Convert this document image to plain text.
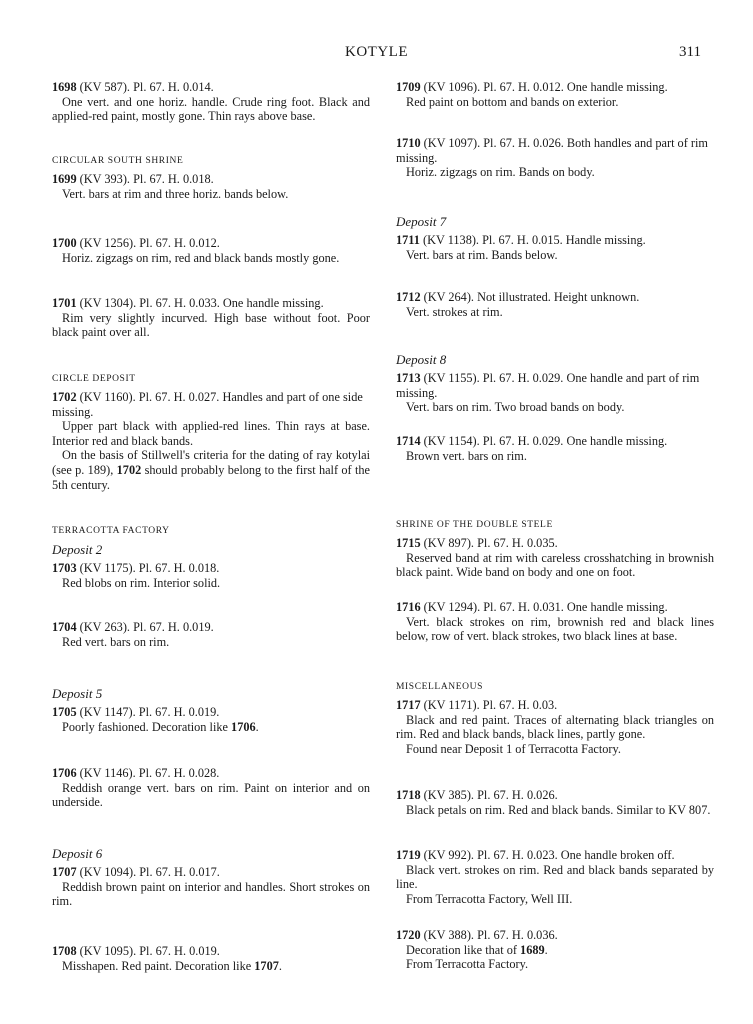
KOTYLE	311
1698 (KV 587). Pl. 67. H. 0.014.
One vert. and one horiz. handle. Crude ring foot. Black and applied-red paint, mostly gone. Thin rays above base.
CIRCULAR SOUTH SHRINE
1699 (KV 393). Pl. 67. H. 0.018.
Vert. bars at rim and three horiz. bands below.
1700 (KV 1256). Pl. 67. H. 0.012.
Horiz. zigzags on rim, red and black bands mostly gone.
1701 (KV 1304). Pl. 67. H. 0.033. One handle missing.
Rim very slightly incurved. High base without foot. Poor black paint over all.
CIRCLE DEPOSIT
1702 (KV 1160). Pl. 67. H. 0.027. Handles and part of one side missing.
Upper part black with applied-red lines. Thin rays at base. Interior red and black bands.
On the basis of Stillwell's criteria for the dating of ray kotylai (see p. 189), 1702 should probably belong to the first half of the 5th century.
TERRACOTTA FACTORY
Deposit 2
1703 (KV 1175). Pl. 67. H. 0.018.
Red blobs on rim. Interior solid.
1704 (KV 263). Pl. 67. H. 0.019.
Red vert. bars on rim.
Deposit 5
1705 (KV 1147). Pl. 67. H. 0.019.
Poorly fashioned. Decoration like 1706.
1706 (KV 1146). Pl. 67. H. 0.028.
Reddish orange vert. bars on rim. Paint on interior and on underside.
Deposit 6
1707 (KV 1094). Pl. 67. H. 0.017.
Reddish brown paint on interior and handles. Short strokes on rim.
1708 (KV 1095). Pl. 67. H. 0.019.
Misshapen. Red paint. Decoration like 1707.
1709 (KV 1096). Pl. 67. H. 0.012. One handle missing.
Red paint on bottom and bands on exterior.
1710 (KV 1097). Pl. 67. H. 0.026. Both handles and part of rim missing.
Horiz. zigzags on rim. Bands on body.
Deposit 7
1711 (KV 1138). Pl. 67. H. 0.015. Handle missing.
Vert. bars at rim. Bands below.
1712 (KV 264). Not illustrated. Height unknown.
Vert. strokes at rim.
Deposit 8
1713 (KV 1155). Pl. 67. H. 0.029. One handle and part of rim missing.
Vert. bars on rim. Two broad bands on body.
1714 (KV 1154). Pl. 67. H. 0.029. One handle missing.
Brown vert. bars on rim.
SHRINE OF THE DOUBLE STELE
1715 (KV 897). Pl. 67. H. 0.035.
Reserved band at rim with careless crosshatching in brownish black paint. Wide band on body and one on foot.
1716 (KV 1294). Pl. 67. H. 0.031. One handle missing.
Vert. black strokes on rim, brownish red and black lines below, row of vert. black strokes, two black lines at base.
MISCELLANEOUS
1717 (KV 1171). Pl. 67. H. 0.03.
Black and red paint. Traces of alternating black triangles on rim. Red and black bands, black lines, partly gone.
Found near Deposit 1 of Terracotta Factory.
1718 (KV 385). Pl. 67. H. 0.026.
Black petals on rim. Red and black bands. Similar to KV 807.
1719 (KV 992). Pl. 67. H. 0.023. One handle broken off.
Black vert. strokes on rim. Red and black bands separated by line.
From Terracotta Factory, Well III.
1720 (KV 388). Pl. 67. H. 0.036.
Decoration like that of 1689.
From Terracotta Factory.
